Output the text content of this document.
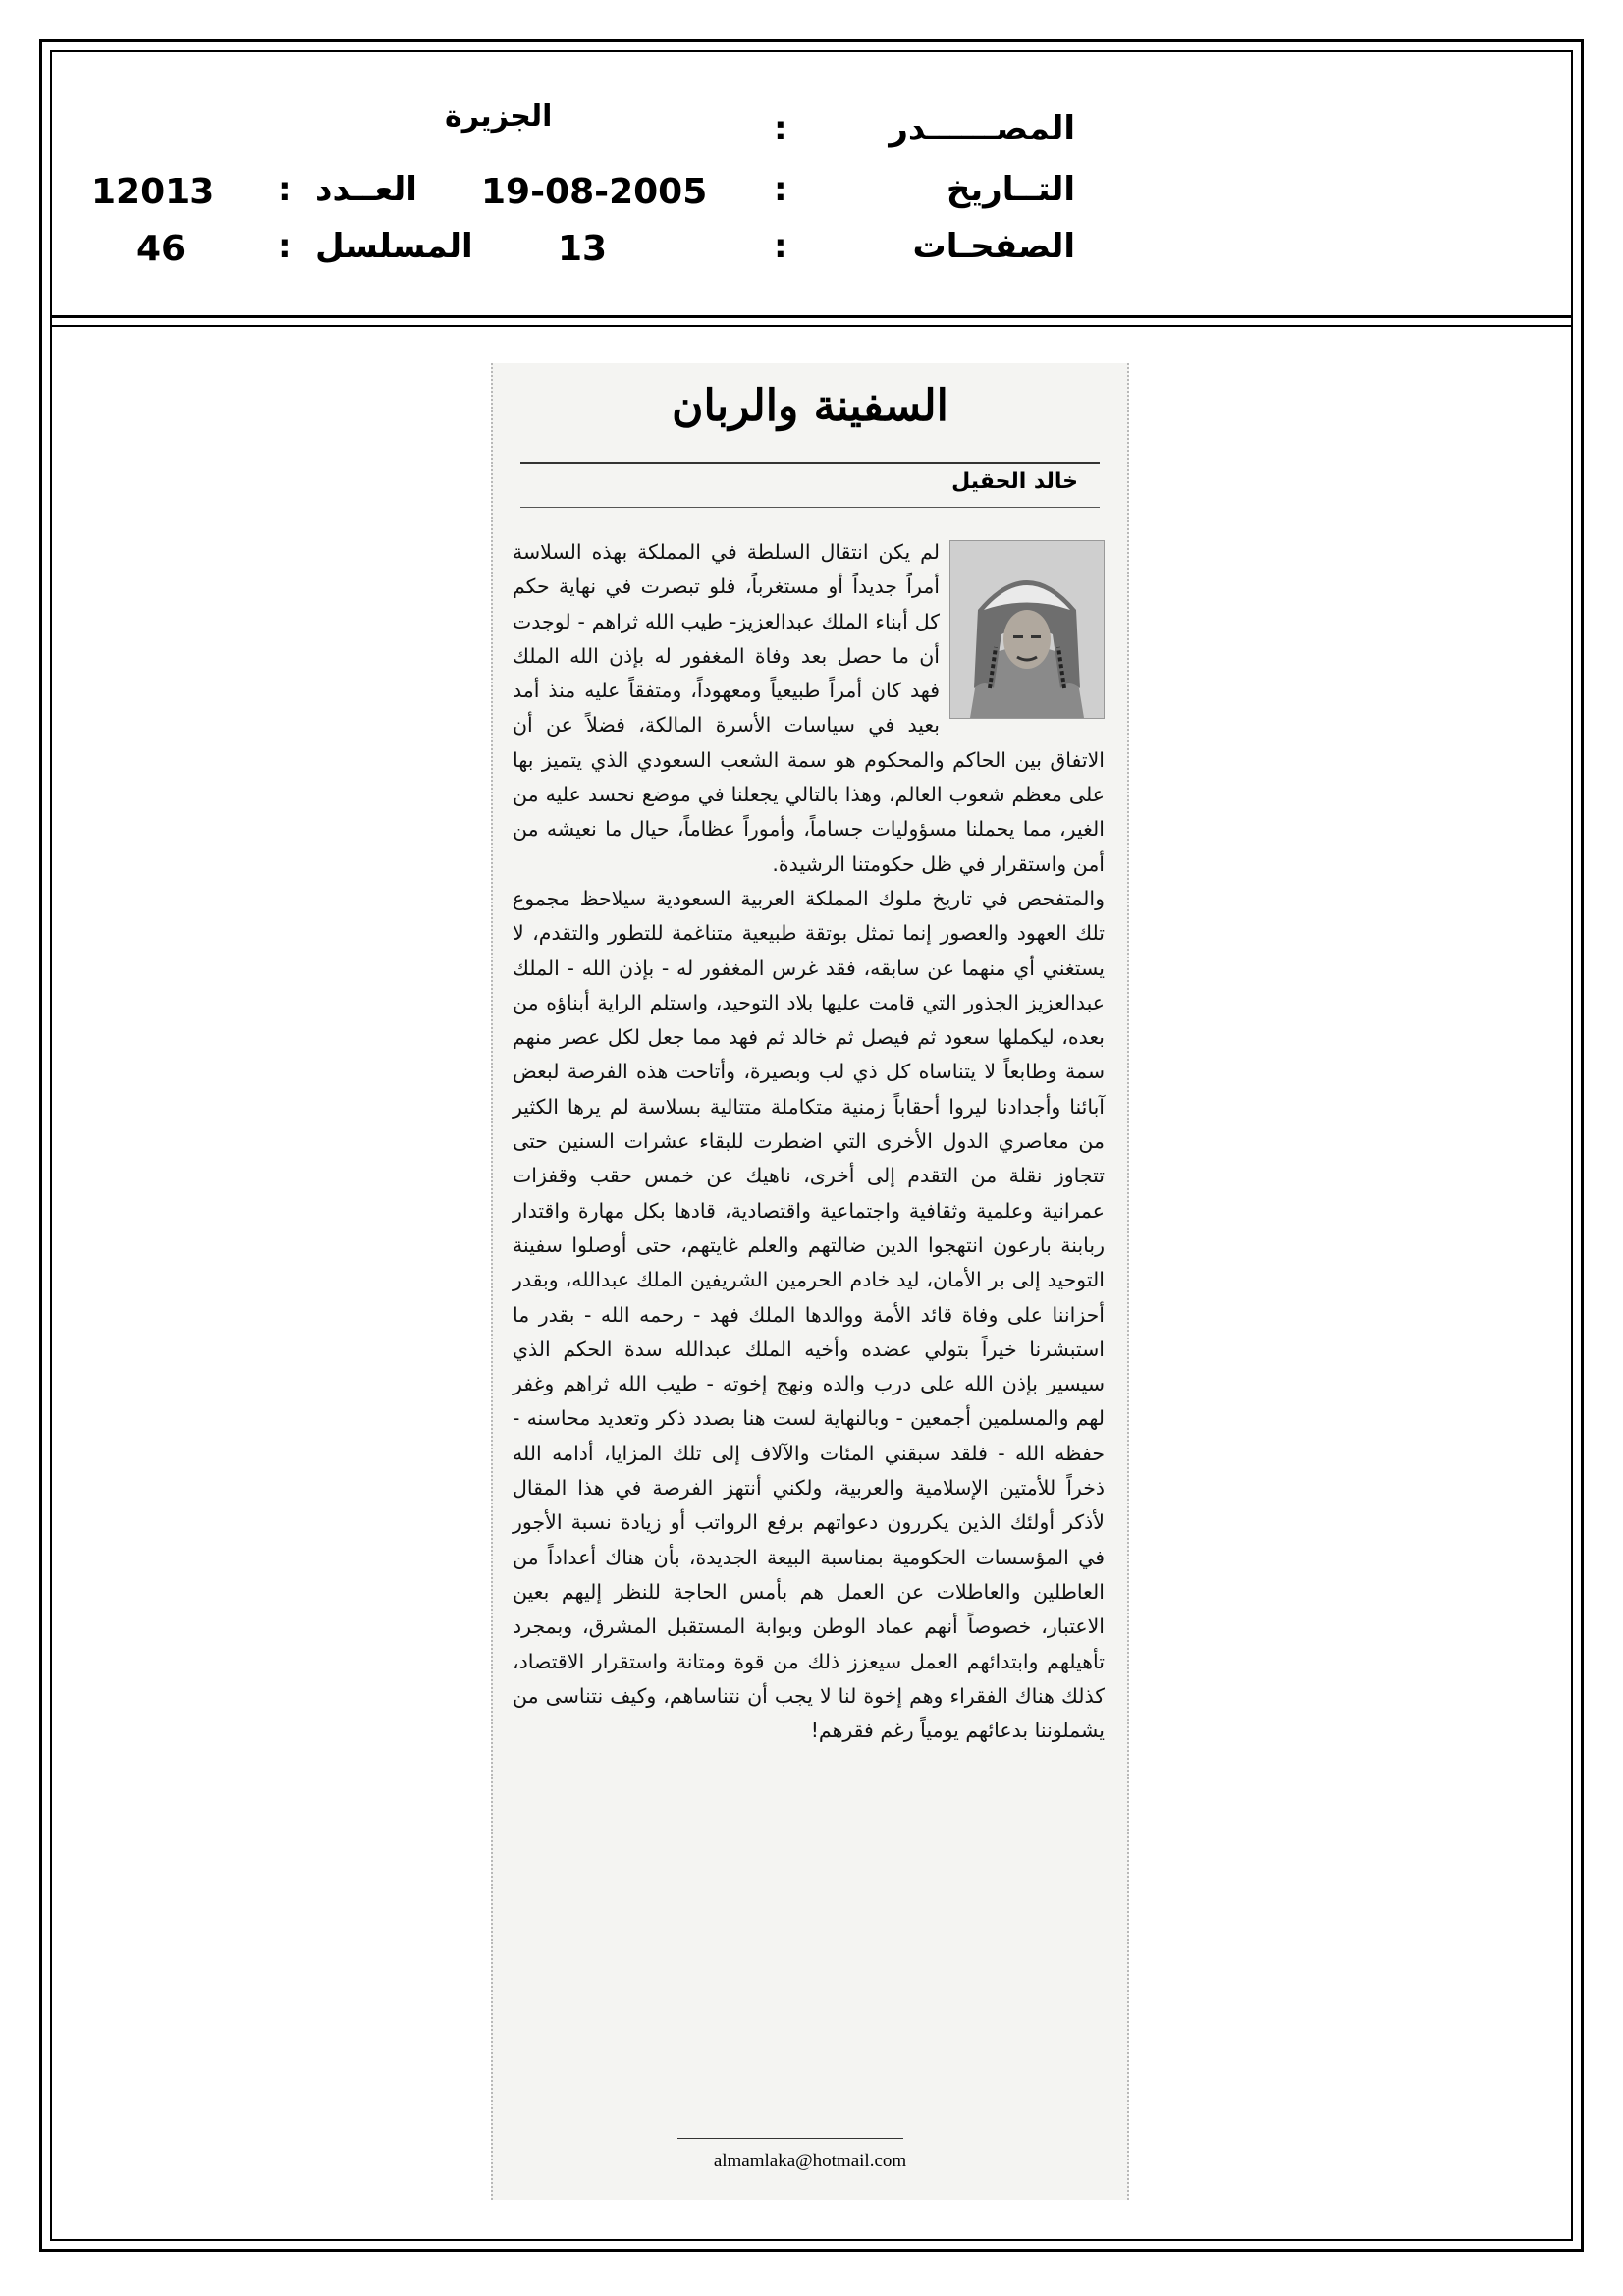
المصــــــدر
:
الجزيرة
التــاريخ
:
19-08-2005
الصفحـات
:
13
العــدد
:
12013
المسلسل
:
46
السفينة والربان
خالد الحقيل

لم يكن انتقال السلطة في المملكة بهذه السلاسة أمراً جديداً أو مستغرباً، فلو تبصرت في نهاية حكم كل أبناء الملك عبدالعزيز- طيب الله ثراهم - لوجدت أن ما حصل بعد وفاة المغفور له بإذن الله الملك فهد كان أمراً طبيعياً ومعهوداً، ومتفقاً عليه منذ أمد بعيد في سياسات الأسرة المالكة، فضلاً عن أن الاتفاق بين الحاكم والمحكوم هو سمة الشعب السعودي الذي يتميز بها على معظم شعوب العالم، وهذا بالتالي يجعلنا في موضع نحسد عليه من الغير، مما يحملنا مسؤوليات جساماً، وأموراً عظاماً، حيال ما نعيشه من أمن واستقرار في ظل حكومتنا الرشيدة.

والمتفحص في تاريخ ملوك المملكة العربية السعودية سيلاحظ مجموع تلك العهود والعصور إنما تمثل بوتقة طبيعية متناغمة للتطور والتقدم، لا يستغني أي منهما عن سابقه، فقد غرس المغفور له - بإذن الله - الملك عبدالعزيز الجذور التي قامت عليها بلاد التوحيد، واستلم الراية أبناؤه من بعده، ليكملها سعود ثم فيصل ثم خالد ثم فهد مما جعل لكل عصر منهم سمة وطابعاً لا يتناساه كل ذي لب وبصيرة، وأتاحت هذه الفرصة لبعض آبائنا وأجدادنا ليروا أحقاباً زمنية متكاملة متتالية بسلاسة لم يرها الكثير من معاصري الدول الأخرى التي اضطرت للبقاء عشرات السنين حتى تتجاوز نقلة من التقدم إلى أخرى، ناهيك عن خمس حقب وقفزات عمرانية وعلمية وثقافية واجتماعية واقتصادية، قادها بكل مهارة واقتدار ربابنة بارعون انتهجوا الدين ضالتهم والعلم غايتهم، حتى أوصلوا سفينة التوحيد إلى بر الأمان، ليد خادم الحرمين الشريفين الملك عبدالله، وبقدر أحزاننا على وفاة قائد الأمة ووالدها الملك فهد - رحمه الله - بقدر ما استبشرنا خيراً بتولي عضده وأخيه الملك عبدالله سدة الحكم الذي سيسير بإذن الله على درب والده ونهج إخوته - طيب الله ثراهم وغفر لهم والمسلمين أجمعين - وبالنهاية لست هنا بصدد ذكر وتعديد محاسنه - حفظه الله - فلقد سبقني المئات والآلاف إلى تلك المزايا، أدامه الله ذخراً للأمتين الإسلامية والعربية، ولكني أنتهز الفرصة في هذا المقال لأذكر أولئك الذين يكررون دعواتهم برفع الرواتب أو زيادة نسبة الأجور في المؤسسات الحكومية بمناسبة البيعة الجديدة، بأن هناك أعداداً من العاطلين والعاطلات عن العمل هم بأمس الحاجة للنظر إليهم بعين الاعتبار، خصوصاً أنهم عماد الوطن وبوابة المستقبل المشرق، وبمجرد تأهيلهم وابتدائهم العمل سيعزز ذلك من قوة ومتانة واستقرار الاقتصاد، كذلك هناك الفقراء وهم إخوة لنا لا يجب أن نتناساهم، وكيف نتناسى من يشملوننا بدعائهم يومياً رغم فقرهم!

almamlaka@hotmail.com
